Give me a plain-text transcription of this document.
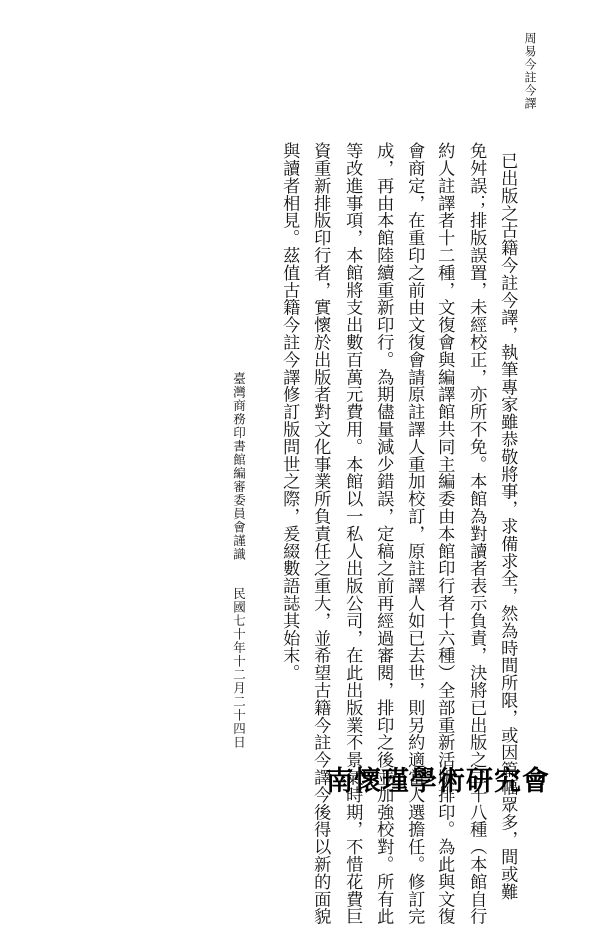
周易今註今譯
已出版之古籍今註今譯，執筆專家雖恭敬將事，求備求全，然為時間所限，或因篇幅眾多，間或難
免舛誤；排版誤置，未經校正，亦所不免。本館為對讀者表示負責，決將已出版之二十八種（本館自行
約人註譯者十二種，文復會與編譯館共同主編委由本館印行者十六種）全部重新活版排印。為此與文復
會商定，在重印之前由文復會請原註譯人重加校訂，原註譯人如已去世，則另約適當人選擔任。修訂完
成，再由本館陸續重新印行。為期儘量減少錯誤，定稿之前再經過審閱，排印之後並加強校對。所有此
等改進事項，本館將支出數百萬元費用。本館以一私人出版公司，在此出版業不景氣時期，不惜花費巨
資重新排版印行者，實懷於出版者對文化事業所負責任之重大，並希望古籍今註今譯今後得以新的面貌
與讀者相見。茲值古籍今註今譯修訂版問世之際，爰綴數語誌其始末。
臺灣商務印書館編審委員會謹識民國七十年十二月二十四日
南懷瑾學術研究會
